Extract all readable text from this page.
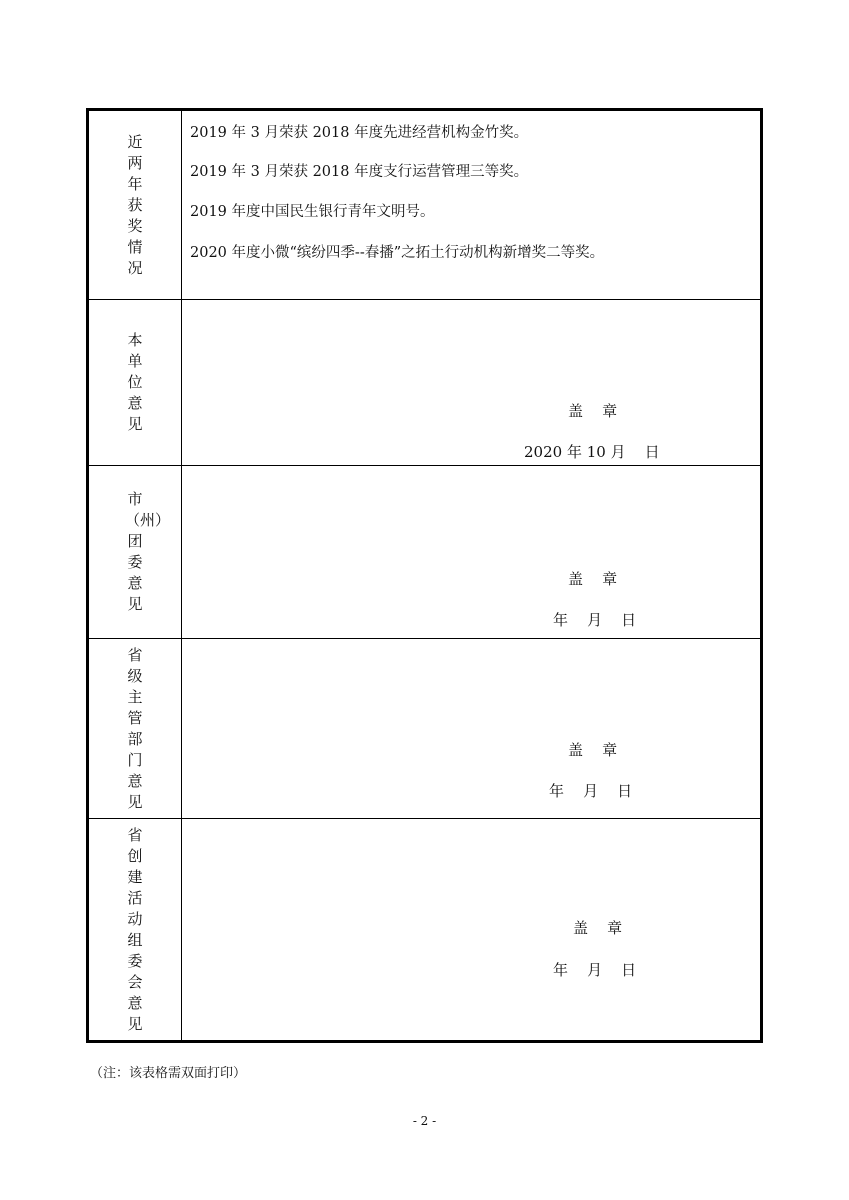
近两年获奖情况
2019 年 3 月荣获 2018 年度先进经营机构金竹奖。
2019 年 3 月荣获 2018 年度支行运营管理三等奖。
2019 年度中国民生银行青年文明号。
2020 年度小微“缤纷四季--春播”之拓土行动机构新增奖二等奖。
本单位意见
盖    章
2020 年 10 月    日
市（州）团委意见
盖    章
年    月    日
省级主管部门意见
盖    章
年    月    日
省创建活动组委会意见
盖    章
年    月    日
（注：该表格需双面打印）
- 2 -
